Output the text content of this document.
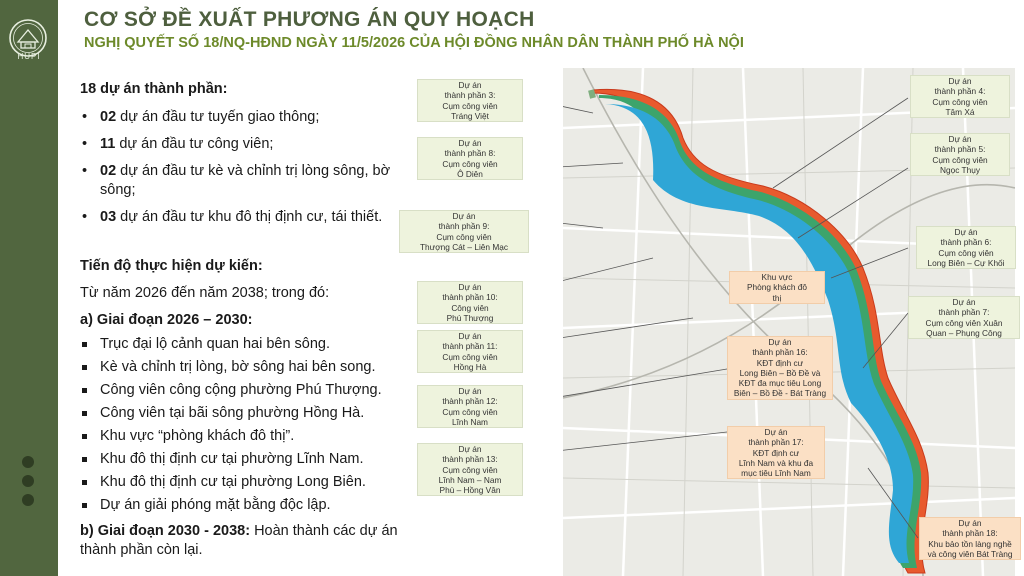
HUPI
CƠ SỞ ĐỀ XUẤT PHƯƠNG ÁN QUY HOẠCH
NGHỊ QUYẾT SỐ 18/NQ-HĐND NGÀY 11/5/2026 CỦA HỘI ĐỒNG NHÂN DÂN THÀNH PHỐ HÀ NỘI
18 dự án thành phần:
• 02 dự án đầu tư tuyến giao thông;
• 11 dự án đầu tư công viên;
• 02 dự án đầu tư kè và chỉnh trị lòng sông, bờ sông;
• 03 dự án đầu tư khu đô thị định cư, tái thiết.
Tiến độ thực hiện dự kiến:
Từ năm 2026 đến năm 2038; trong đó:
a) Giai đoạn 2026 – 2030:
Trục đại lộ cảnh quan hai bên sông.
Kè và chỉnh trị lòng, bờ sông hai bên song.
Công viên công cộng phường Phú Thượng.
Công viên tại bãi sông phường Hồng Hà.
Khu vực “phòng khách đô thị”.
Khu đô thị định cư tại phường Lĩnh Nam.
Khu đô thị định cư tại phường Long Biên.
Dự án giải phóng mặt bằng độc lập.
b) Giai đoạn 2030 - 2038: Hoàn thành các dự án thành phần còn lại.
Dự án
thành phần 3:
Cụm công viên
Tráng Việt
Dự án
thành phần 8:
Cụm công viên
Ô Diên
Dự án
thành phần 9:
Cụm công viên
Thượng Cát – Liên Mạc
Dự án
thành phần 10:
Công viên
Phú Thượng
Dự án
thành phần 11:
Cụm công viên
Hồng Hà
Dự án
thành phần 12:
Cụm công viên
Lĩnh Nam
Dự án
thành phần 13:
Cụm công viên
Lĩnh Nam – Nam
Phù – Hồng Vân
Dự án
thành phần 4:
Cụm công viên
Tâm Xá
Dự án
thành phần 5:
Cụm công viên
Ngọc Thụy
Dự án
thành phần 6:
Cụm công viên
Long Biên – Cự Khối
Dự án
thành phần 7:
Cụm công viên Xuân
Quan – Phụng Công
Khu vực
Phòng khách đô
thị
Dự án
thành phần 16:
KĐT định cư
Long Biên – Bồ Đề và
KĐT đa mục tiêu Long
Biên – Bồ Đề - Bát Tràng
Dự án
thành phần 17:
KĐT định cư
Lĩnh Nam và khu đa
mục tiêu Lĩnh Nam
Dự án
thành phần 18:
Khu bảo tồn làng nghề
và công viên Bát Tràng
